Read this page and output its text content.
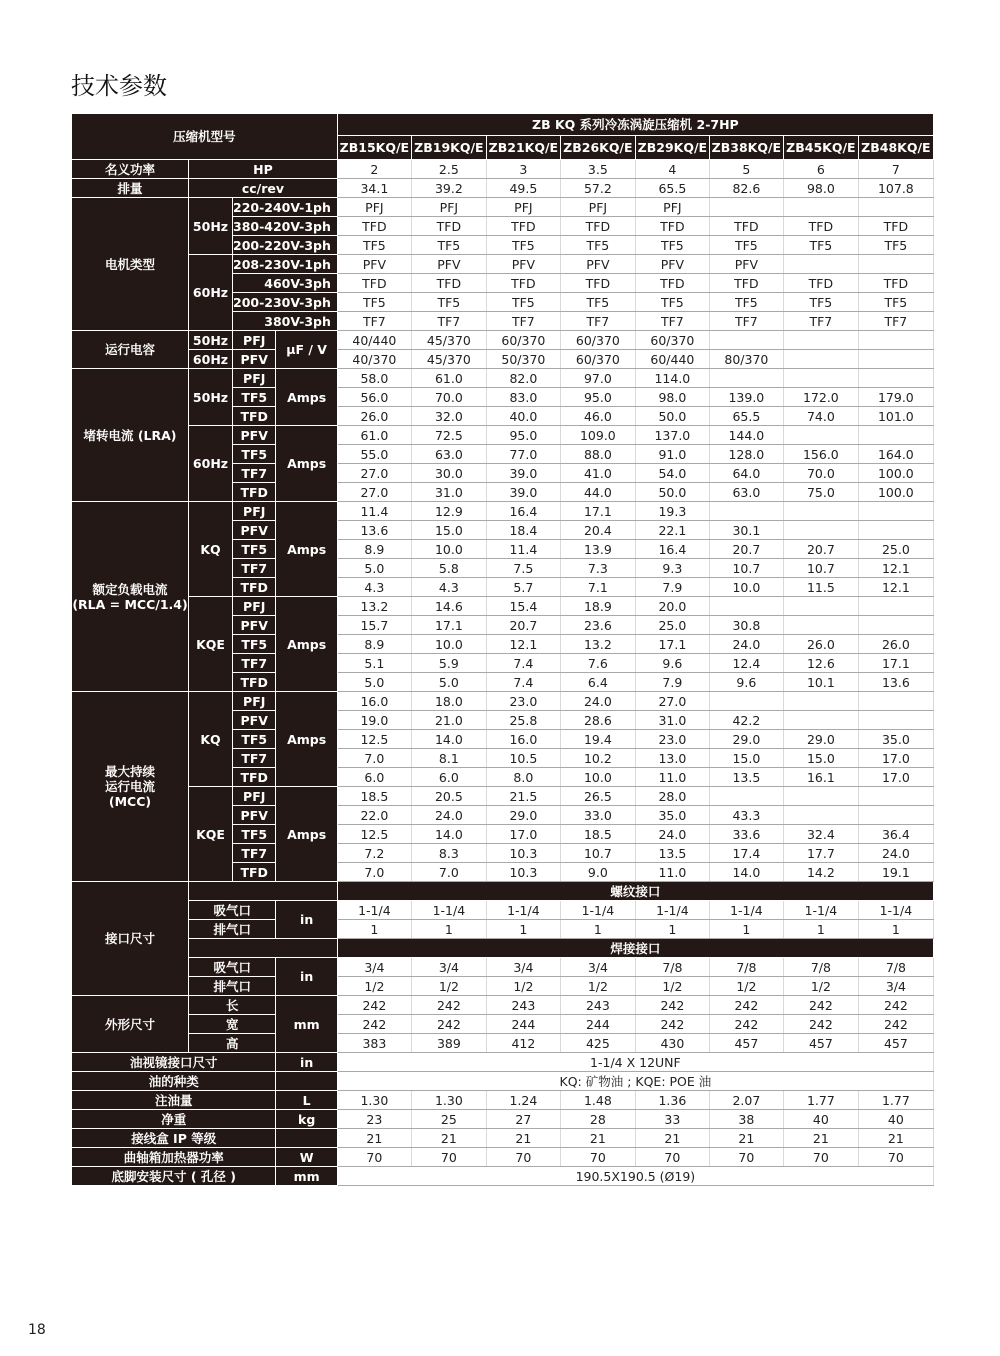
技术参数
压缩机型号				ZB KQ 系列冷冻涡旋压缩机 2-7HP							
				ZB15KQ/E	ZB19KQ/E	ZB21KQ/E	ZB26KQ/E	ZB29KQ/E	ZB38KQ/E	ZB45KQ/E	ZB48KQ/E
名义功率	HP			2	2.5	3	3.5	4	5	6	7
排量	cc/rev			34.1	39.2	49.5	57.2	65.5	82.6	98.0	107.8
电机类型	50Hz	220-240V-1ph		PFJ	PFJ	PFJ	PFJ	PFJ			
		380-420V-3ph		TFD	TFD	TFD	TFD	TFD	TFD	TFD	TFD
		200-220V-3ph		TF5	TF5	TF5	TF5	TF5	TF5	TF5	TF5
	60Hz	208-230V-1ph		PFV	PFV	PFV	PFV	PFV	PFV		
		460V-3ph		TFD	TFD	TFD	TFD	TFD	TFD	TFD	TFD
		200-230V-3ph		TF5	TF5	TF5	TF5	TF5	TF5	TF5	TF5
		380V-3ph		TF7	TF7	TF7	TF7	TF7	TF7	TF7	TF7
运行电容	50Hz	PFJ	μF / V	40/440	45/370	60/370	60/370	60/370			
	60Hz	PFV		40/370	45/370	50/370	60/370	60/440	80/370		
堵转电流 (LRA)	50Hz	PFJ	Amps	58.0	61.0	82.0	97.0	114.0			
		TF5		56.0	70.0	83.0	95.0	98.0	139.0	172.0	179.0
		TFD		26.0	32.0	40.0	46.0	50.0	65.5	74.0	101.0
	60Hz	PFV	Amps	61.0	72.5	95.0	109.0	137.0	144.0		
		TF5		55.0	63.0	77.0	88.0	91.0	128.0	156.0	164.0
		TF7		27.0	30.0	39.0	41.0	54.0	64.0	70.0	100.0
		TFD		27.0	31.0	39.0	44.0	50.0	63.0	75.0	100.0
额定负载电流
(RLA = MCC/1.4)	KQ	PFJ	Amps	11.4	12.9	16.4	17.1	19.3			
		PFV		13.6	15.0	18.4	20.4	22.1	30.1		
		TF5		8.9	10.0	11.4	13.9	16.4	20.7	20.7	25.0
		TF7		5.0	5.8	7.5	7.3	9.3	10.7	10.7	12.1
		TFD		4.3	4.3	5.7	7.1	7.9	10.0	11.5	12.1
	KQE	PFJ	Amps	13.2	14.6	15.4	18.9	20.0			
		PFV		15.7	17.1	20.7	23.6	25.0	30.8		
		TF5		8.9	10.0	12.1	13.2	17.1	24.0	26.0	26.0
		TF7		5.1	5.9	7.4	7.6	9.6	12.4	12.6	17.1
		TFD		5.0	5.0	7.4	6.4	7.9	9.6	10.1	13.6
最大持续
运行电流
(MCC)	KQ	PFJ	Amps	16.0	18.0	23.0	24.0	27.0			
		PFV		19.0	21.0	25.8	28.6	31.0	42.2		
		TF5		12.5	14.0	16.0	19.4	23.0	29.0	29.0	35.0
		TF7		7.0	8.1	10.5	10.2	13.0	15.0	15.0	17.0
		TFD		6.0	6.0	8.0	10.0	11.0	13.5	16.1	17.0
	KQE	PFJ	Amps	18.5	20.5	21.5	26.5	28.0			
		PFV		22.0	24.0	29.0	33.0	35.0	43.3		
		TF5		12.5	14.0	17.0	18.5	24.0	33.6	32.4	36.4
		TF7		7.2	8.3	10.3	10.7	13.5	17.4	17.7	24.0
		TFD		7.0	7.0	10.3	9.0	11.0	14.0	14.2	19.1
接口尺寸				螺纹接口							
	吸气口		in	1-1/4	1-1/4	1-1/4	1-1/4	1-1/4	1-1/4	1-1/4	1-1/4
	排气口			1	1	1	1	1	1	1	1
				焊接接口							
	吸气口		in	3/4	3/4	3/4	3/4	7/8	7/8	7/8	7/8
	排气口			1/2	1/2	1/2	1/2	1/2	1/2	1/2	3/4
外形尺寸	长		mm	242	242	243	243	242	242	242	242
	宽			242	242	244	244	242	242	242	242
	高			383	389	412	425	430	457	457	457
油视镜接口尺寸			in	1-1/4 X 12UNF							
油的种类				KQ: 矿物油 ; KQE: POE 油							
注油量			L	1.30	1.30	1.24	1.48	1.36	2.07	1.77	1.77
净重			kg	23	25	27	28	33	38	40	40
接线盒 IP 等级				21	21	21	21	21	21	21	21
曲轴箱加热器功率			W	70	70	70	70	70	70	70	70
底脚安装尺寸 ( 孔径 )			mm	190.5X190.5 (Ø19)							
18
